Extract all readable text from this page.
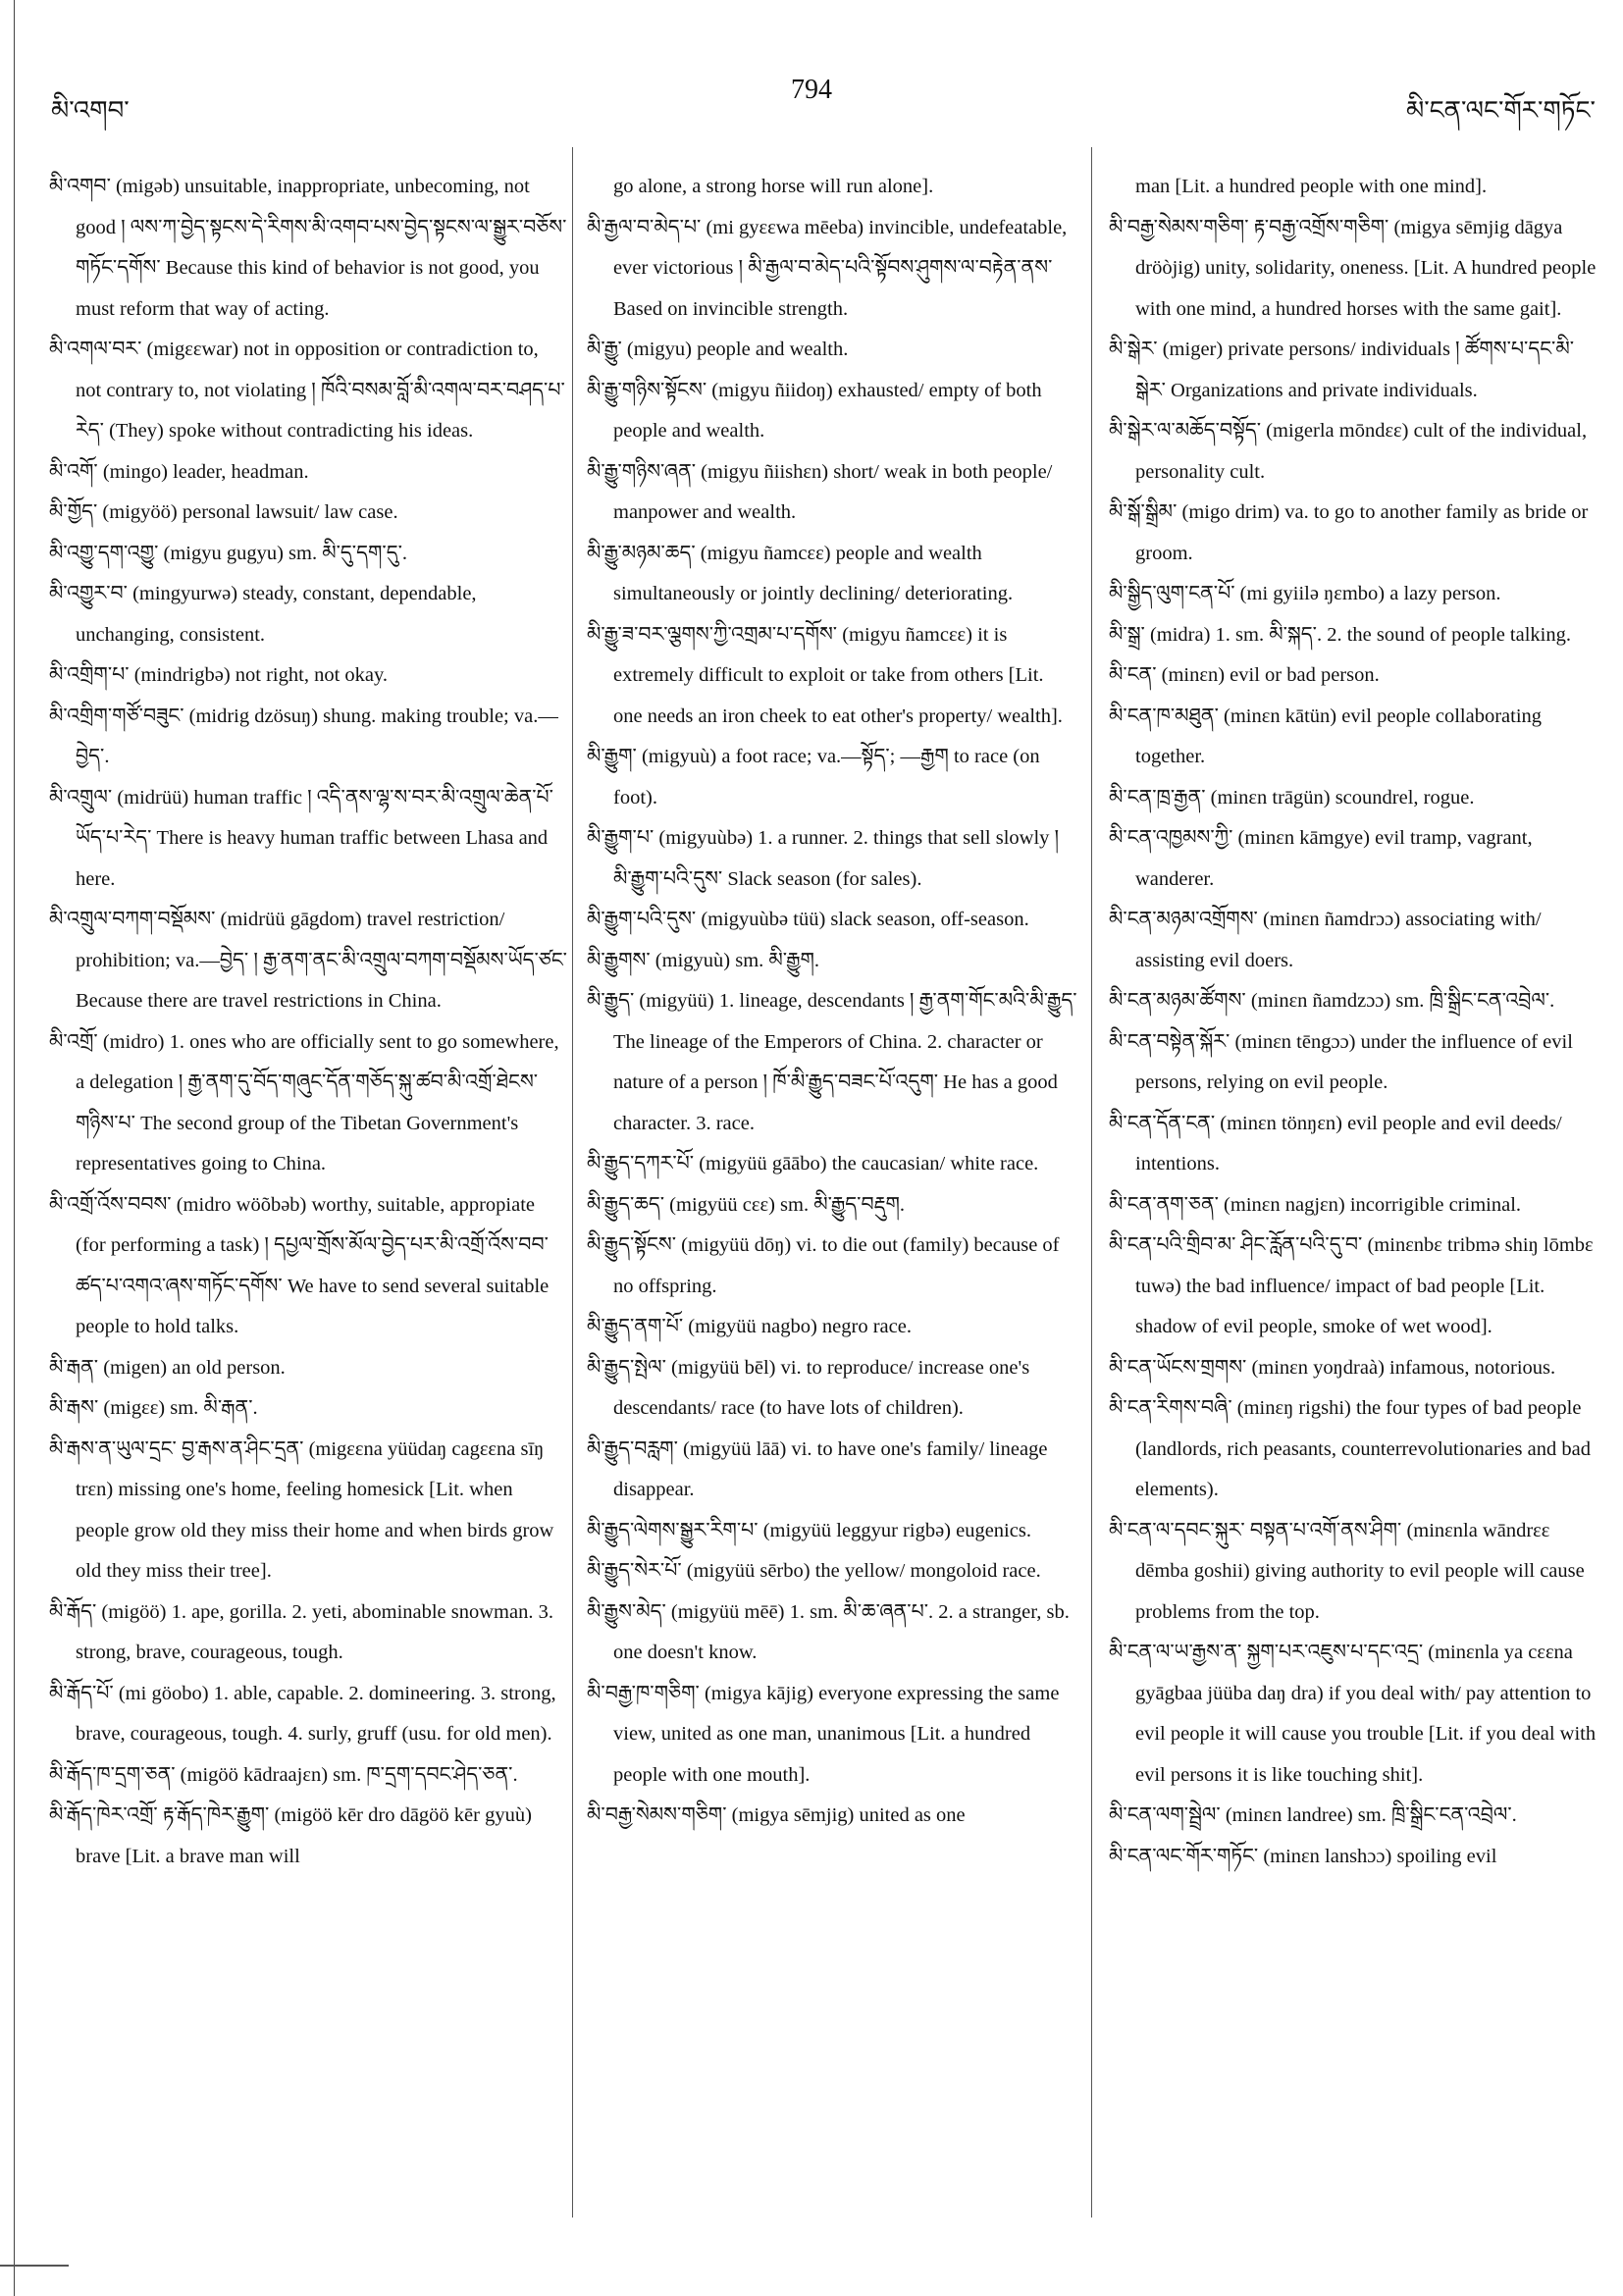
མི་འགབ་
794
མི་ངན་ལང་གོར་གཏོང་

མི་འགབ་ (migəb) unsuitable, inappropriate, unbecoming, not good ། ལས་ཀ་བྱེད་སྟངས་དེ་རིགས་མི་འགབ་པས་བྱེད་སྟངས་ལ་སྒྱུར་བཅོས་གཏོང་དགོས་ Because this kind of behavior is not good, you must reform that way of acting.

མི་འགལ་བར་ (migɛɛwar) not in opposition or contradiction to, not contrary to, not violating ། ཁོའི་བསམ་བློ་མི་འགལ་བར་བཤད་པ་རེད་ (They) spoke without contradicting his ideas.

མི་འགོ་ (mingo) leader, headman.

མི་གྱོད་ (migyöö) personal lawsuit/ law case.

མི་འགྱུ་དག་འགྱུ་ (migyu gugyu) sm. མི་དུ་དག་དུ་.

མི་འགྱུར་བ་ (mingyurwə) steady, constant, dependable, unchanging, consistent.

མི་འགྲིག་པ་ (mindrigbə) not right, not okay.

མི་འགྲིག་གཙོ་བཟུང་ (midrig dzösuŋ) shung. making trouble; va.—བྱེད་.

མི་འགྲུལ་ (midrüü) human traffic ། འདི་ནས་ལྷ་ས་བར་མི་འགྲུལ་ཆེན་པོ་ཡོད་པ་རེད་ There is heavy human traffic between Lhasa and here.

མི་འགྲུལ་བཀག་བསྡོམས་ (midrüü gāgdom) travel restriction/ prohibition; va.—བྱེད་ ། རྒྱ་ནག་ནང་མི་འགྲུལ་བཀག་བསྡོམས་ཡོད་ཙང་ Because there are travel restrictions in China.

མི་འགྲོ་ (midro) 1. ones who are officially sent to go somewhere, a delegation ། རྒྱ་ནག་དུ་བོད་གཞུང་དོན་གཅོད་སྐུ་ཚབ་མི་འགྲོ་ཐེངས་གཉིས་པ་ The second group of the Tibetan Government's representatives going to China.

མི་འགྲོ་འོས་བབས་ (midro wöõbəb) worthy, suitable, appropiate (for performing a task) ། དཔྱལ་གྲོས་མོལ་བྱེད་པར་མི་འགྲོ་འོས་བབ་ཚད་པ་འགའ་ཞས་གཏོང་དགོས་ We have to send several suitable people to hold talks.

མི་རྒན་ (migen) an old person.

མི་རྒས་ (migɛɛ) sm. མི་རྒན་.

མི་རྒས་ན་ཡུལ་དྲང་ བྱ་རྒས་ན་ཤིང་དྲན་ (migɛɛna yüüdaŋ cagɛɛna sīŋ trɛn) missing one's home, feeling homesick [Lit. when people grow old they miss their home and when birds grow old they miss their tree].

མི་རྒོད་ (migöö) 1. ape, gorilla. 2. yeti, abominable snowman. 3. strong, brave, courageous, tough.

མི་རྒོད་པོ་ (mi göobo) 1. able, capable. 2. domineering. 3. strong, brave, courageous, tough. 4. surly, gruff (usu. for old men).

མི་རྒོད་ཁ་དྲག་ཅན་ (migöö kādraajɛn) sm. ཁ་དྲག་དབང་ཤེད་ཅན་.

མི་རྒོད་ཁེར་འགྲོ་ རྟ་རྒོད་ཁེར་རྒྱུག་ (migöö kēr dro dāgöö kēr gyuù) brave [Lit. a brave man will

go alone, a strong horse will run alone].

མི་རྒྱལ་བ་མེད་པ་ (mi gyɛɛwa mēeba) invincible, undefeatable, ever victorious ། མི་རྒྱལ་བ་མེད་པའི་སྟོབས་ཤུགས་ལ་བརྟེན་ནས་ Based on invincible strength.

མི་རྒྱུ་ (migyu) people and wealth.

མི་རྒྱུ་གཉིས་སྟོངས་ (migyu ñiidoŋ) exhausted/ empty of both people and wealth.

མི་རྒྱུ་གཉིས་ཞན་ (migyu ñiishɛn) short/ weak in both people/ manpower and wealth.

མི་རྒྱུ་མཉམ་ཆད་ (migyu ñamcɛɛ) people and wealth simultaneously or jointly declining/ deteriorating.

མི་རྒྱུ་ཟ་བར་ལྕགས་ཀྱི་འགྲམ་པ་དགོས་ (migyu ñamcɛɛ) it is extremely difficult to exploit or take from others [Lit. one needs an iron cheek to eat other's property/ wealth].

མི་རྒྱུག་ (migyuù) a foot race; va.—སྟོད་; —རྒྱག to race (on foot).

མི་རྒྱུག་པ་ (migyuùbə) 1. a runner. 2. things that sell slowly ། མི་རྒྱུག་པའི་དུས་ Slack season (for sales).

མི་རྒྱུག་པའི་དུས་ (migyuùbə tüü) slack season, off-season.

མི་རྒྱུགས་ (migyuù) sm. མི་རྒྱུག.

མི་རྒྱུད་ (migyüü) 1. lineage, descendants ། རྒྱ་ནག་གོང་མའི་མི་རྒྱུད་ The lineage of the Emperors of China. 2. character or nature of a person ། ཁོ་མི་རྒྱུད་བཟང་པོ་འདུག་ He has a good character. 3. race.

མི་རྒྱུད་དཀར་པོ་ (migyüü gāābo) the caucasian/ white race.

མི་རྒྱུད་ཆད་ (migyüü cɛɛ) sm. མི་རྒྱུད་བརྡུག.

མི་རྒྱུད་སྟོངས་ (migyüü dōŋ) vi. to die out (family) because of no offspring.

མི་རྒྱུད་ནག་པོ་ (migyüü nagbo) negro race.

མི་རྒྱུད་སྤེལ་ (migyüü bēl) vi. to reproduce/ increase one's descendants/ race (to have lots of children).

མི་རྒྱུད་བརླག་ (migyüü lāā) vi. to have one's family/ lineage disappear.

མི་རྒྱུད་ལེགས་སྒྱུར་རིག་པ་ (migyüü leggyur rigbə) eugenics.

མི་རྒྱུད་སེར་པོ་ (migyüü sērbo) the yellow/ mongoloid race.

མི་རྒྱུས་མེད་ (migyüü mēē) 1. sm. མི་ཆ་ཞན་པ་. 2. a stranger, sb. one doesn't know.

མི་བརྒྱ་ཁ་གཅིག་ (migya kājig) everyone expressing the same view, united as one man, unanimous [Lit. a hundred people with one mouth].

མི་བརྒྱ་སེམས་གཅིག་ (migya sēmjig) united as one

man [Lit. a hundred people with one mind].

མི་བརྒྱ་སེམས་གཅིག་ རྟ་བརྒྱ་འགྲོས་གཅིག་ (migya sēmjig dāgya dröòjig) unity, solidarity, oneness. [Lit. A hundred people with one mind, a hundred horses with the same gait].

མི་སྒེར་ (miger) private persons/ individuals ། ཚོགས་པ་དང་མི་སྒེར་ Organizations and private individuals.

མི་སྒེར་ལ་མཆོད་བསྟོད་ (migerla mōndɛɛ) cult of the individual, personality cult.

མི་སྒོ་སྒྲིམ་ (migo drim) va. to go to another family as bride or groom.

མི་སྒྱིད་ལུག་ངན་པོ་ (mi gyiilə ŋɛmbo) a lazy person.

མི་སྒྲ་ (midra) 1. sm. མི་སྐད་. 2. the sound of people talking.

མི་ངན་ (minɛn) evil or bad person.

མི་ངན་ཁ་མཐུན་ (minɛn kātün) evil people collaborating together.

མི་ངན་ཁྲ་རྒྱན་ (minɛn trāgün) scoundrel, rogue.

མི་ངན་འཁྱམས་ཀྱི་ (minɛn kāmgye) evil tramp, vagrant, wanderer.

མི་ངན་མཉམ་འགྲོགས་ (minɛn ñamdrɔɔ) associating with/ assisting evil doers.

མི་ངན་མཉམ་ཚོགས་ (minɛn ñamdzɔɔ) sm. ཁྲི་སྒྲིང་ངན་འབྲེལ་.

མི་ངན་བསྟེན་སྐོར་ (minɛn tēngɔɔ) under the influence of evil persons, relying on evil people.

མི་ངན་དོན་ངན་ (minɛn tönŋɛn) evil people and evil deeds/ intentions.

མི་ངན་ནག་ཅན་ (minɛn nagjɛn) incorrigible criminal.

མི་ངན་པའི་གྲིབ་མ་ ཤིང་རློན་པའི་དུ་བ་ (minɛnbɛ tribmə shiŋ lōmbɛ tuwə) the bad influence/ impact of bad people [Lit. shadow of evil people, smoke of wet wood].

མི་ངན་ཡོངས་གྲགས་ (minɛn yoŋdraà) infamous, notorious.

མི་ངན་རིགས་བཞི་ (minɛŋ rigshi) the four types of bad people (landlords, rich peasants, counterrevolutionaries and bad elements).

མི་ངན་ལ་དབང་སྐུར་ བསྟན་པ་འགོ་ནས་ཤིག་ (minɛnla wāndrɛɛ dēmba goshii) giving authority to evil people will cause problems from the top.

མི་ངན་ལ་ཡ་རྒྱས་ན་ སྐྱག་པར་འཇུས་པ་དང་འདྲ་ (minɛnla ya cɛɛna gyāgbaa jüüba daŋ dra) if you deal with/ pay attention to evil people it will cause you trouble [Lit. if you deal with evil persons it is like touching shit].

མི་ངན་ལག་སྦྲེལ་ (minɛn landree) sm. ཁྲི་སྒྲིང་ངན་འབྲེལ་.

མི་ངན་ལང་གོར་གཏོང་ (minɛn lanshɔɔ) spoiling evil
